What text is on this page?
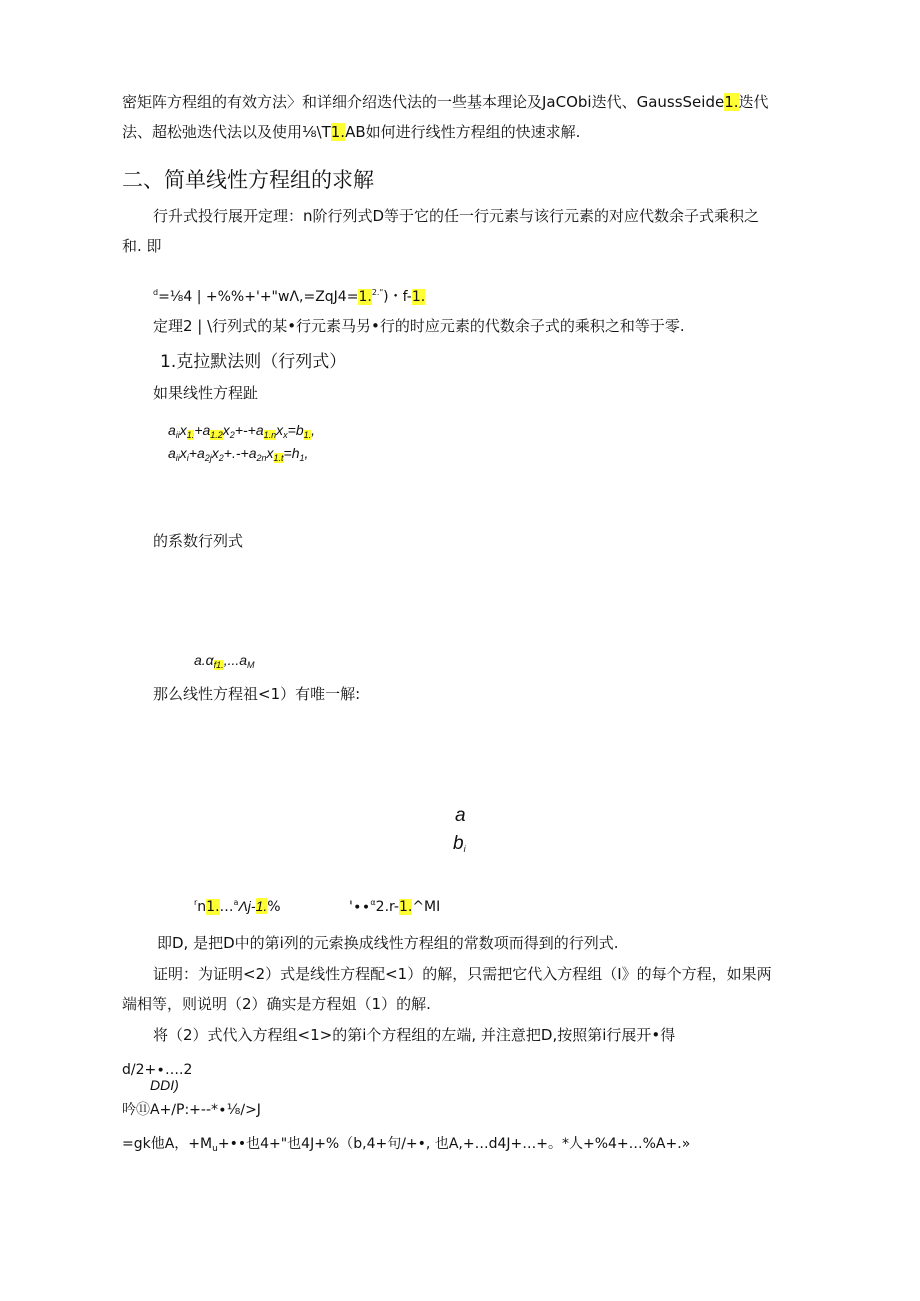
密矩阵方程组的有效方法〉和详细介绍迭代法的一些基本理论及JaCObi迭代、GaussSeide1.迭代
法、超松弛迭代法以及使用⅛\T1.AB如何进行线性方程组的快速求解.
二、简单线性方程组的求解
行升式投行展开定理：n阶行列式D等于它的任一行元素与该行元素的对应代数余子式乘积之
和. 即
$^d$=⅛4 | +%%+'+"wΛ,=ZqJ4=1.$^{2."}$)・f-1.
定理2 | \行列式的某•行元素马另•行的时应元素的代数余子式的乘积之和等于零.
1.克拉默法则（行列式）
如果线性方程趾
$a_{ii}x_{1.}+a_{1.2}x_2+-+a_{1.n}x_x=b_{1.}$,
$a_{ii}x_i+a_{2j}x_2+.-+a_{2n}x_{1.t}=h_1$,
的系数行列式
$a.\alpha_{f1.},...a_M$
那么线性方程祖<1）有唯一解:
a
$b_i$
$^r$n1.…$^a$Λj-1.%	'∙∙$^\alpha$2.r-1.^MI
即D, 是把D中的第i列的元索换成线性方程组的常数项而得到的行列式.
证明：为证明<2）式是线性方程配<1）的解，只需把它代入方程组（I》的每个方程，如果两
端相等，则说明（2）确实是方程姐（1）的解.
将（2）式代入方程组<1>的第i个方程组的左端, 并注意把D,按照第i行展开•得
d/2+∙….2
DDI)
吟⑪A+∕P:+--*∙⅛∕>J
=gk他A，$+M_u+••$也4+"也4J+%（b,4+句/+•, 也A,+…d4J+…+。*人+%4+…%A+.»
